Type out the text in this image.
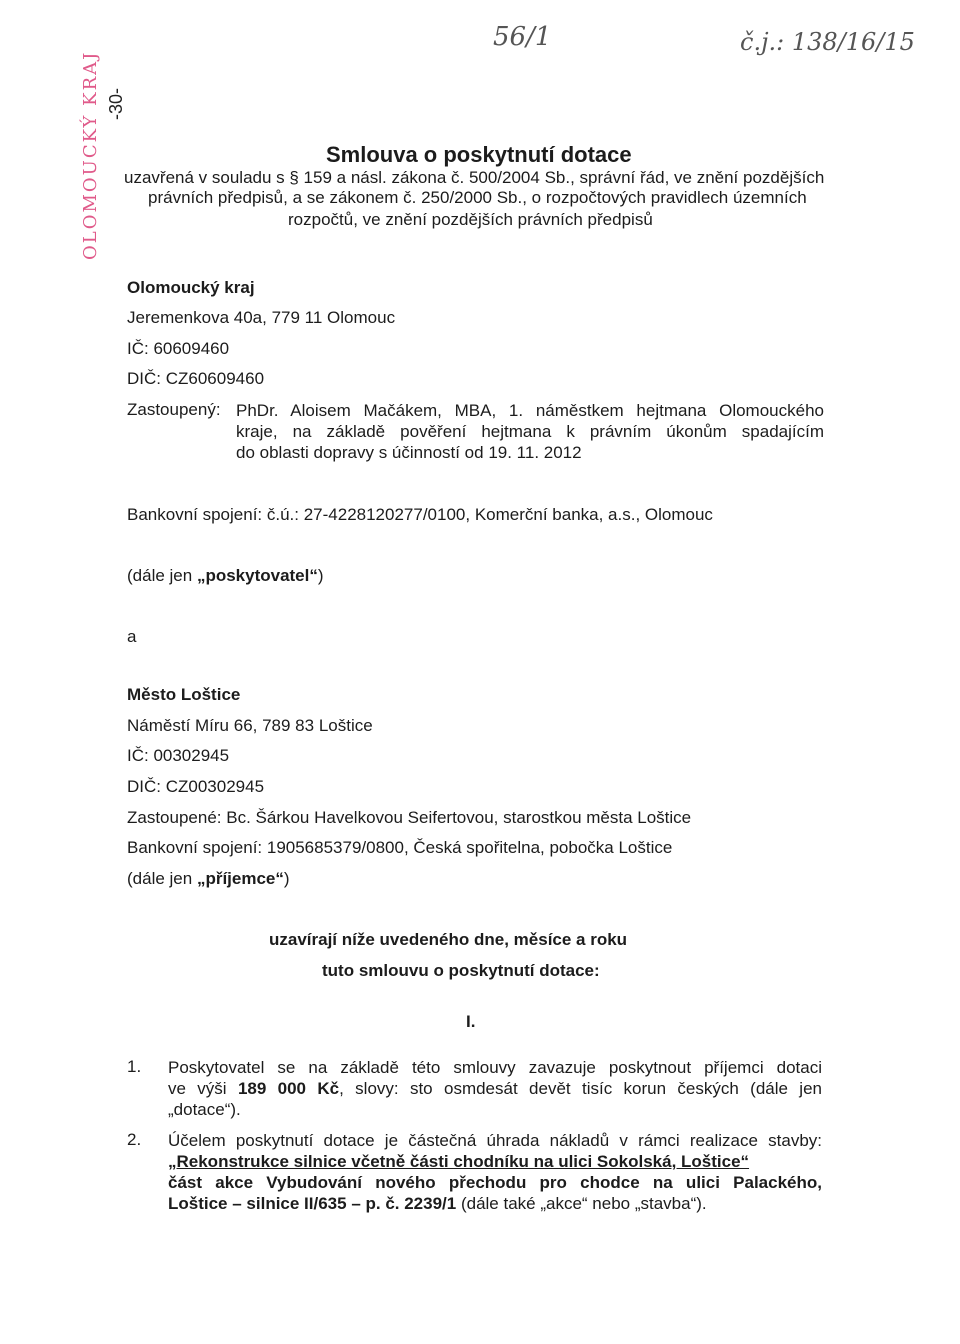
56/1	č.j.: 138/16/15
OLOMOUCKÝ KRAJ -30-
Smlouva o poskytnutí dotace
uzavřená v souladu s § 159 a násl. zákona č. 500/2004 Sb., správní řád, ve znění pozdějších
právních předpisů, a se zákonem č. 250/2000 Sb., o rozpočtových pravidlech územních
rozpočtů, ve znění pozdějších právních předpisů
Olomoucký kraj
Jeremenkova 40a, 779 11 Olomouc
IČ: 60609460
DIČ: CZ60609460
Zastoupený: PhDr. Aloisem Mačákem, MBA, 1. náměstkem hejtmana Olomouckého
kraje, na základě pověření hejtmana k právním úkonům spadajícím
do oblasti dopravy s účinností od 19. 11. 2012
Bankovní spojení: č.ú.: 27-4228120277/0100, Komerční banka, a.s., Olomouc
(dále jen „poskytovatel“)
a
Město Loštice
Náměstí Míru 66, 789 83 Loštice
IČ: 00302945
DIČ: CZ00302945
Zastoupené: Bc. Šárkou Havelkovou Seifertovou, starostkou města Loštice
Bankovní spojení: 1905685379/0800, Česká spořitelna, pobočka Loštice
(dále jen „příjemce“)
uzavírají níže uvedeného dne, měsíce a roku
tuto smlouvu o poskytnutí dotace:
I.
1. Poskytovatel se na základě této smlouvy zavazuje poskytnout příjemci dotaci
ve výši 189 000 Kč, slovy: sto osmdesát devět tisíc korun českých (dále jen
„dotace“).
2. Účelem poskytnutí dotace je částečná úhrada nákladů v rámci realizace stavby:
„Rekonstrukce silnice včetně části chodníku na ulici Sokolská, Loštice“
část akce Vybudování nového přechodu pro chodce na ulici Palackého,
Loštice – silnice II/635 – p. č. 2239/1 (dále také „akce“ nebo „stavba“).
